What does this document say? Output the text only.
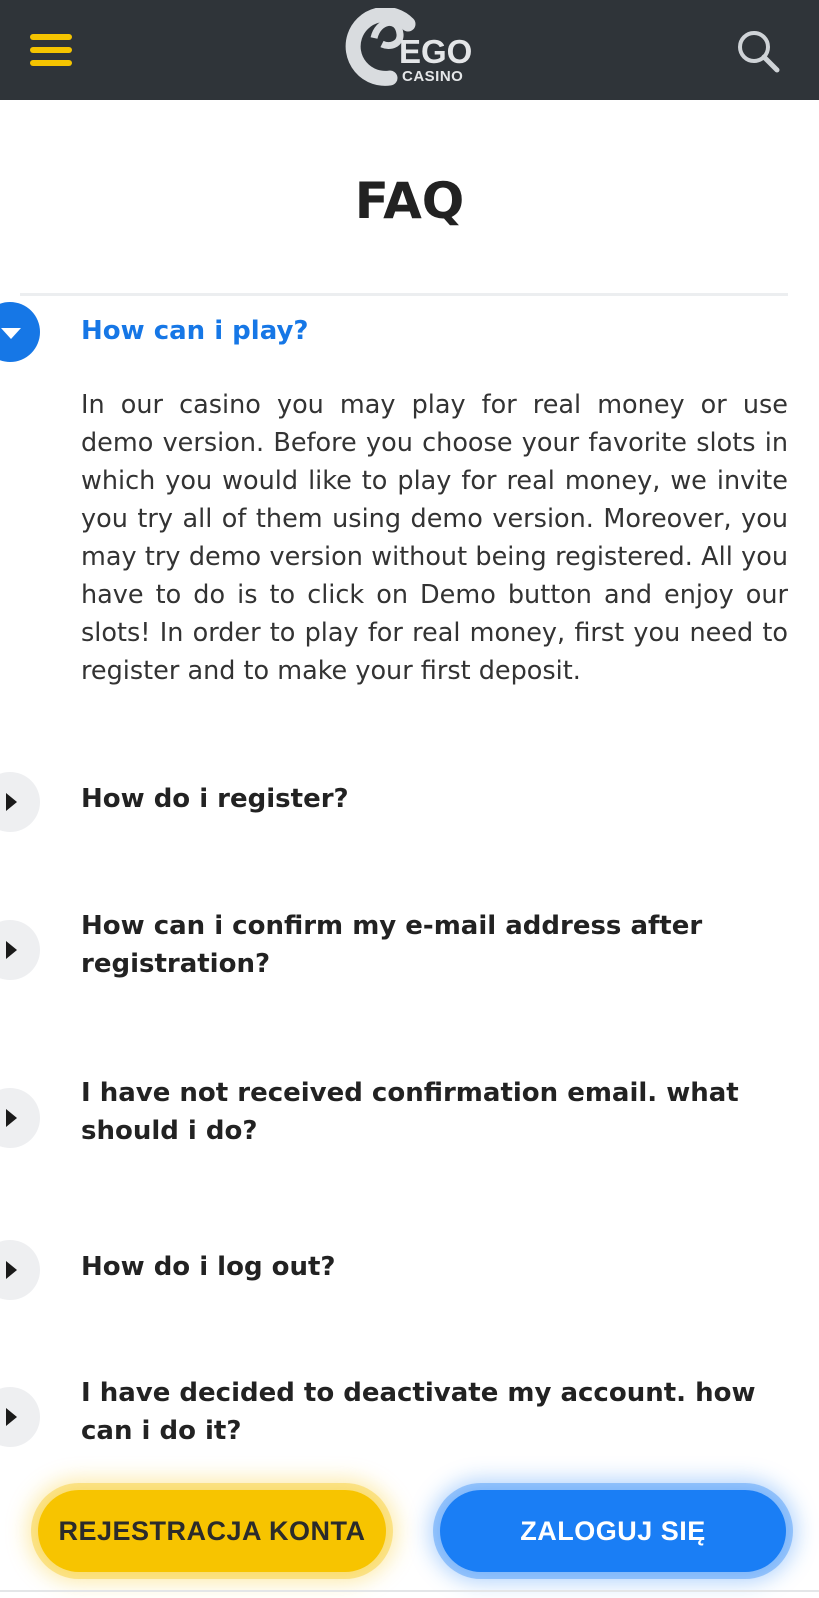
EGO
CASINO
FAQ
How can i play?

In our casino you may play for real money or use demo version. Before you choose your favorite slots in which you would like to play for real money, we invite you try all of them using demo version. Moreover, you may try demo version without being registered. All you have to do is to click on Demo button and enjoy our slots! In order to play for real money, first you need to register and to make your first deposit.

How do i register?
How can i confirm my e-mail address after registration?
I have not received confirmation email. what should i do?
How do i log out?
I have decided to deactivate my account. how can i do it?
REJESTRACJA KONTA	ZALOGUJ SIĘ
